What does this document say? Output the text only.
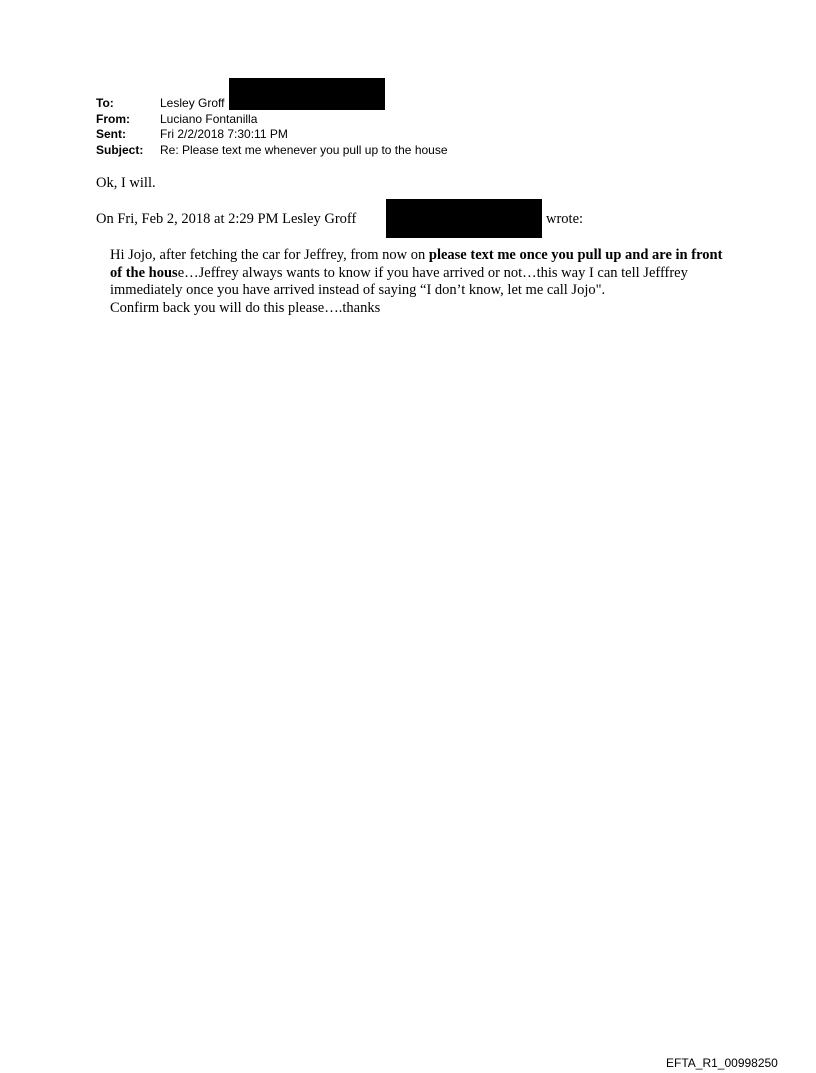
To:	Lesley Groff
From:	Luciano Fontanilla
Sent:	Fri 2/2/2018 7:30:11 PM
Subject:	Re: Please text me whenever you pull up to the house
Ok, I will.
On Fri, Feb 2, 2018 at 2:29 PM Lesley Groff	wrote:

Hi Jojo, after fetching the car for Jeffrey, from now on please text me once you pull up and are in front of the house…Jeffrey always wants to know if you have arrived or not…this way I can tell Jefffrey immediately once you have arrived instead of saying “I don’t know, let me call Jojo".

Confirm back you will do this please….thanks

EFTA_R1_00998250
